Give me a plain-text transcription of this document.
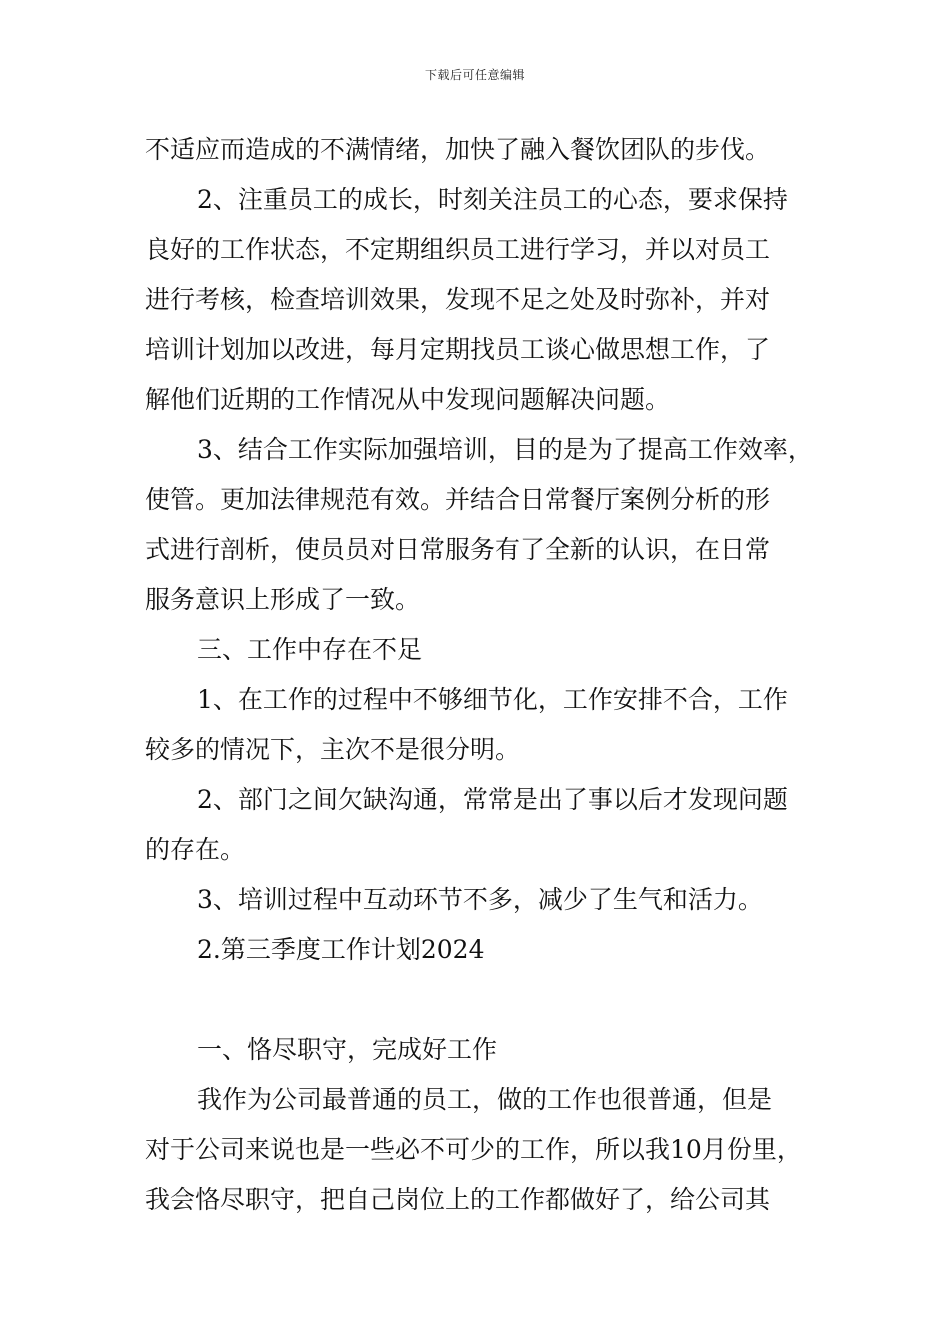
下载后可任意编辑
不适应而造成的不满情绪，加快了融入餐饮团队的步伐。
2、注重员工的成长，时刻关注员工的心态，要求保持
良好的工作状态，不定期组织员工进行学习，并以对员工
进行考核，检查培训效果，发现不足之处及时弥补，并对
培训计划加以改进，每月定期找员工谈心做思想工作，了
解他们近期的工作情况从中发现问题解决问题。
3、结合工作实际加强培训，目的是为了提高工作效率，
使管。更加法律规范有效。并结合日常餐厅案例分析的形
式进行剖析，使员员对日常服务有了全新的认识，在日常
服务意识上形成了一致。
三、工作中存在不足
1、在工作的过程中不够细节化，工作安排不合，工作
较多的情况下，主次不是很分明。
2、部门之间欠缺沟通，常常是出了事以后才发现问题
的存在。
3、培训过程中互动环节不多，减少了生气和活力。
2.第三季度工作计划2024
一、恪尽职守，完成好工作
我作为公司最普通的员工，做的工作也很普通，但是
对于公司来说也是一些必不可少的工作，所以我10月份里，
我会恪尽职守，把自己岗位上的工作都做好了，给公司其
